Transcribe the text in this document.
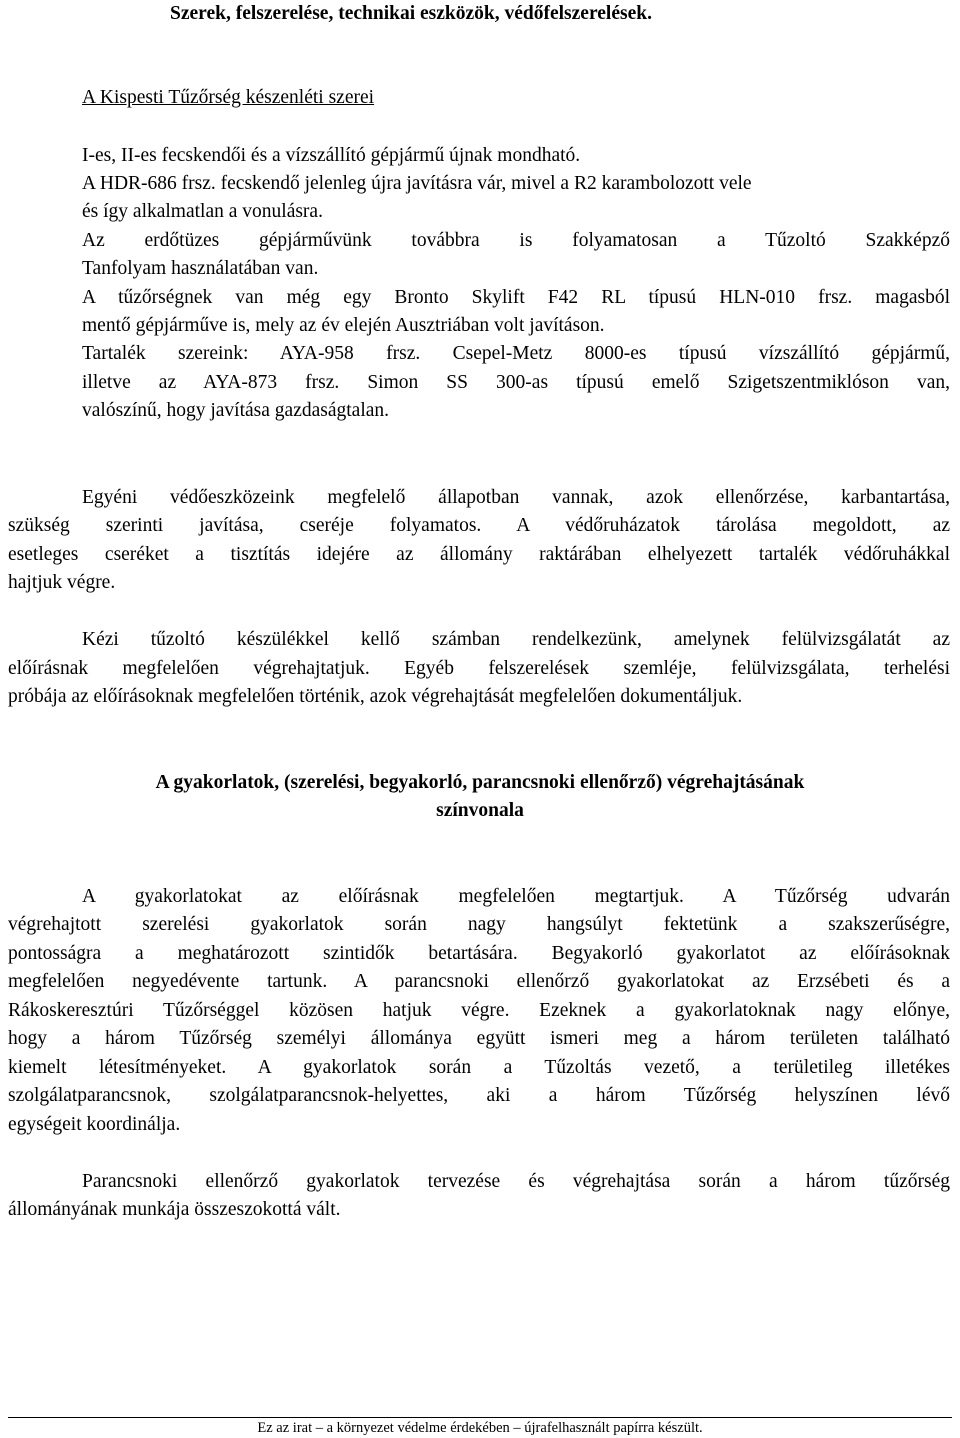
Szerek, felszerelése, technikai eszközök, védőfelszerelések.
A Kispesti Tűzőrség készenléti szerei
I-es, II-es fecskendői és a vízszállító gépjármű újnak mondható.
A HDR-686 frsz. fecskendő jelenleg újra javításra vár, mivel a R2 karambolozott vele
és így alkalmatlan a vonulásra.
Az erdőtüzes gépjárművünk továbbra is folyamatosan a Tűzoltó Szakképző
Tanfolyam használatában van.
A tűzőrségnek van még egy Bronto Skylift F42 RL típusú HLN-010 frsz. magasból
mentő gépjárműve is, mely az év elején Ausztriában volt javításon.
Tartalék szereink: AYA-958 frsz. Csepel-Metz 8000-es típusú vízszállító gépjármű,
illetve az AYA-873 frsz. Simon SS 300-as típusú emelő Szigetszentmiklóson van,
valószínű, hogy javítása gazdaságtalan.
Egyéni védőeszközeink megfelelő állapotban vannak, azok ellenőrzése, karbantartása,
szükség szerinti javítása, cseréje folyamatos. A védőruházatok tárolása megoldott, az
esetleges cseréket a tisztítás idejére az állomány raktárában elhelyezett tartalék védőruhákkal
hajtjuk végre.
Kézi tűzoltó készülékkel kellő számban rendelkezünk, amelynek felülvizsgálatát az
előírásnak megfelelően végrehajtatjuk. Egyéb felszerelések szemléje, felülvizsgálata, terhelési
próbája az előírásoknak megfelelően történik, azok végrehajtását megfelelően dokumentáljuk.
A gyakorlatok, (szerelési, begyakorló, parancsnoki ellenőrző) végrehajtásának
színvonala
A gyakorlatokat az előírásnak megfelelően megtartjuk. A Tűzőrség udvarán
végrehajtott szerelési gyakorlatok során nagy hangsúlyt fektetünk a szakszerűségre,
pontosságra a meghatározott szintidők betartására. Begyakorló gyakorlatot az előírásoknak
megfelelően negyedévente tartunk. A parancsnoki ellenőrző gyakorlatokat az Erzsébeti és a
Rákoskeresztúri Tűzőrséggel közösen hatjuk végre. Ezeknek a gyakorlatoknak nagy előnye,
hogy a három Tűzőrség személyi állománya együtt ismeri meg a három területen található
kiemelt létesítményeket. A gyakorlatok során a Tűzoltás vezető, a területileg illetékes
szolgálatparancsnok, szolgálatparancsnok-helyettes, aki a három Tűzőrség helyszínen lévő
egységeit koordinálja.
Parancsnoki ellenőrző gyakorlatok tervezése és végrehajtása során a három tűzőrség
állományának munkája összeszokottá vált.
Ez az irat – a környezet védelme érdekében – újrafelhasznált papírra készült.
